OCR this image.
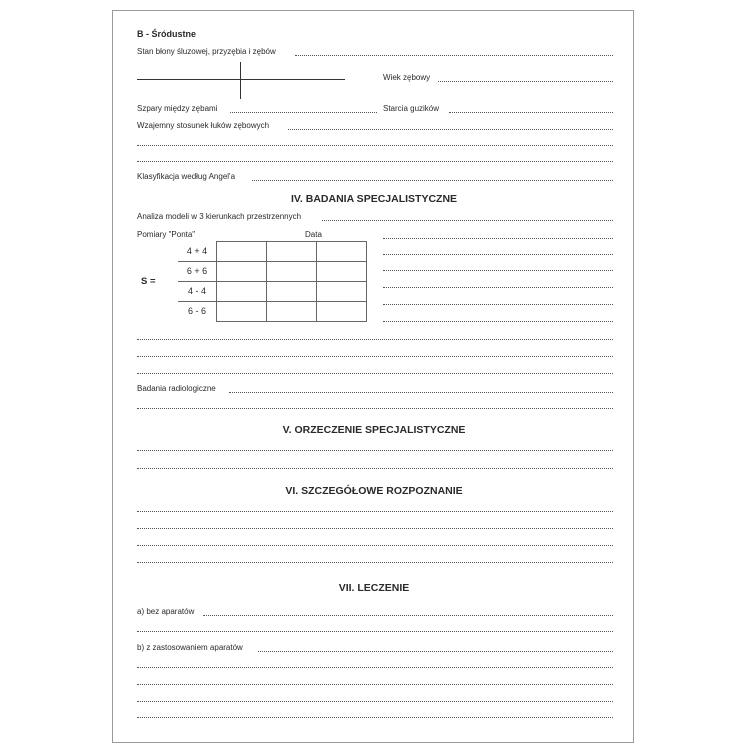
B - Śródustne
Stan błony śluzowej, przyzębia i zębów
Wiek zębowy
Szpary między zębami	Starcia guzików
Wzajemny stosunek łuków zębowych
Klasyfikacja według Angel'a
IV. BADANIA SPECJALISTYCZNE
Analiza modeli w 3 kierunkach przestrzennych
Pomiary "Ponta"	Data
S =
4 + 4
6 + 6
4 - 4
6 - 6
Badania radiologiczne
V. ORZECZENIE SPECJALISTYCZNE
VI. SZCZEGÓŁOWE ROZPOZNANIE
VII. LECZENIE
a) bez aparatów
b) z zastosowaniem aparatów
